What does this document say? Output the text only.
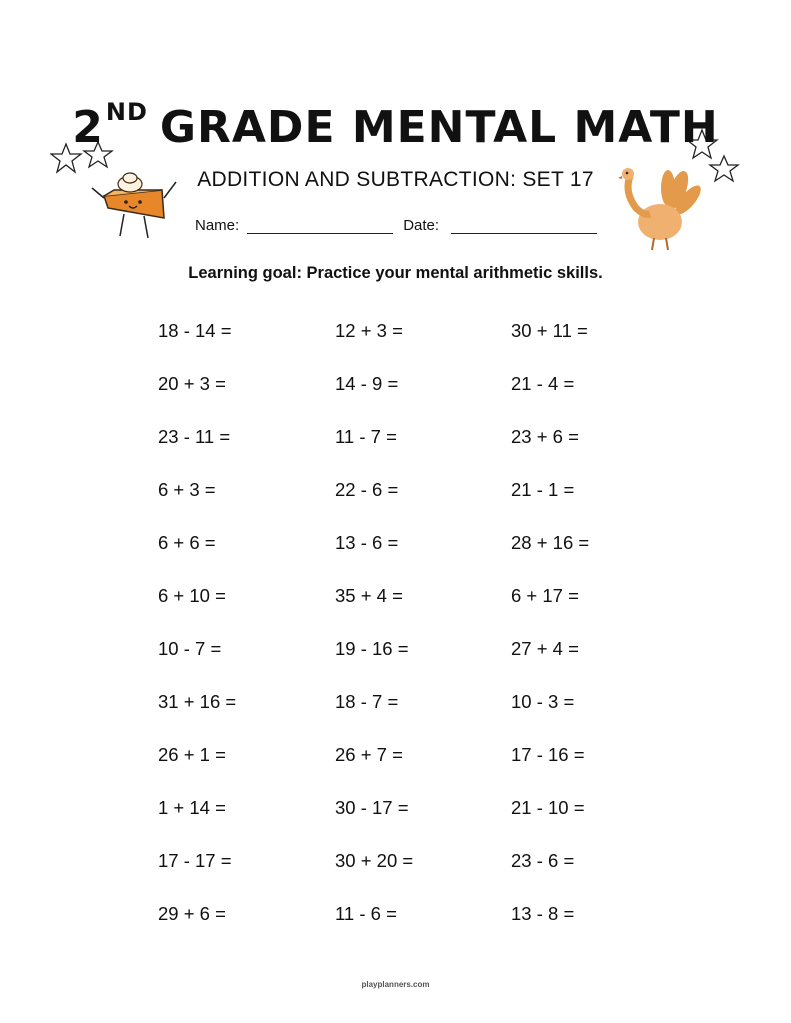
2ND GRADE MENTAL MATH
ADDITION AND SUBTRACTION: SET 17
Name:	Date:
Learning goal: Practice your mental arithmetic skills.
18 - 14 =	12 + 3 =	30 + 11 =
20 + 3 =	14 - 9 =	21 - 4 =
23 - 11 =	11 - 7 =	23 + 6 =
6 + 3 =	22 - 6 =	21 - 1 =
6 + 6 =	13 - 6 =	28 + 16 =
6 + 10 =	35 + 4 =	6 + 17 =
10 - 7 =	19 - 16 =	27 + 4 =
31 + 16 =	18 - 7 =	10 - 3 =
26 + 1 =	26 + 7 =	17 - 16 =
1 + 14 =	30 - 17 =	21 - 10 =
17 - 17 =	30 + 20 =	23 - 6 =
29 + 6 =	11 - 6 =	13 - 8 =
playplanners.com
